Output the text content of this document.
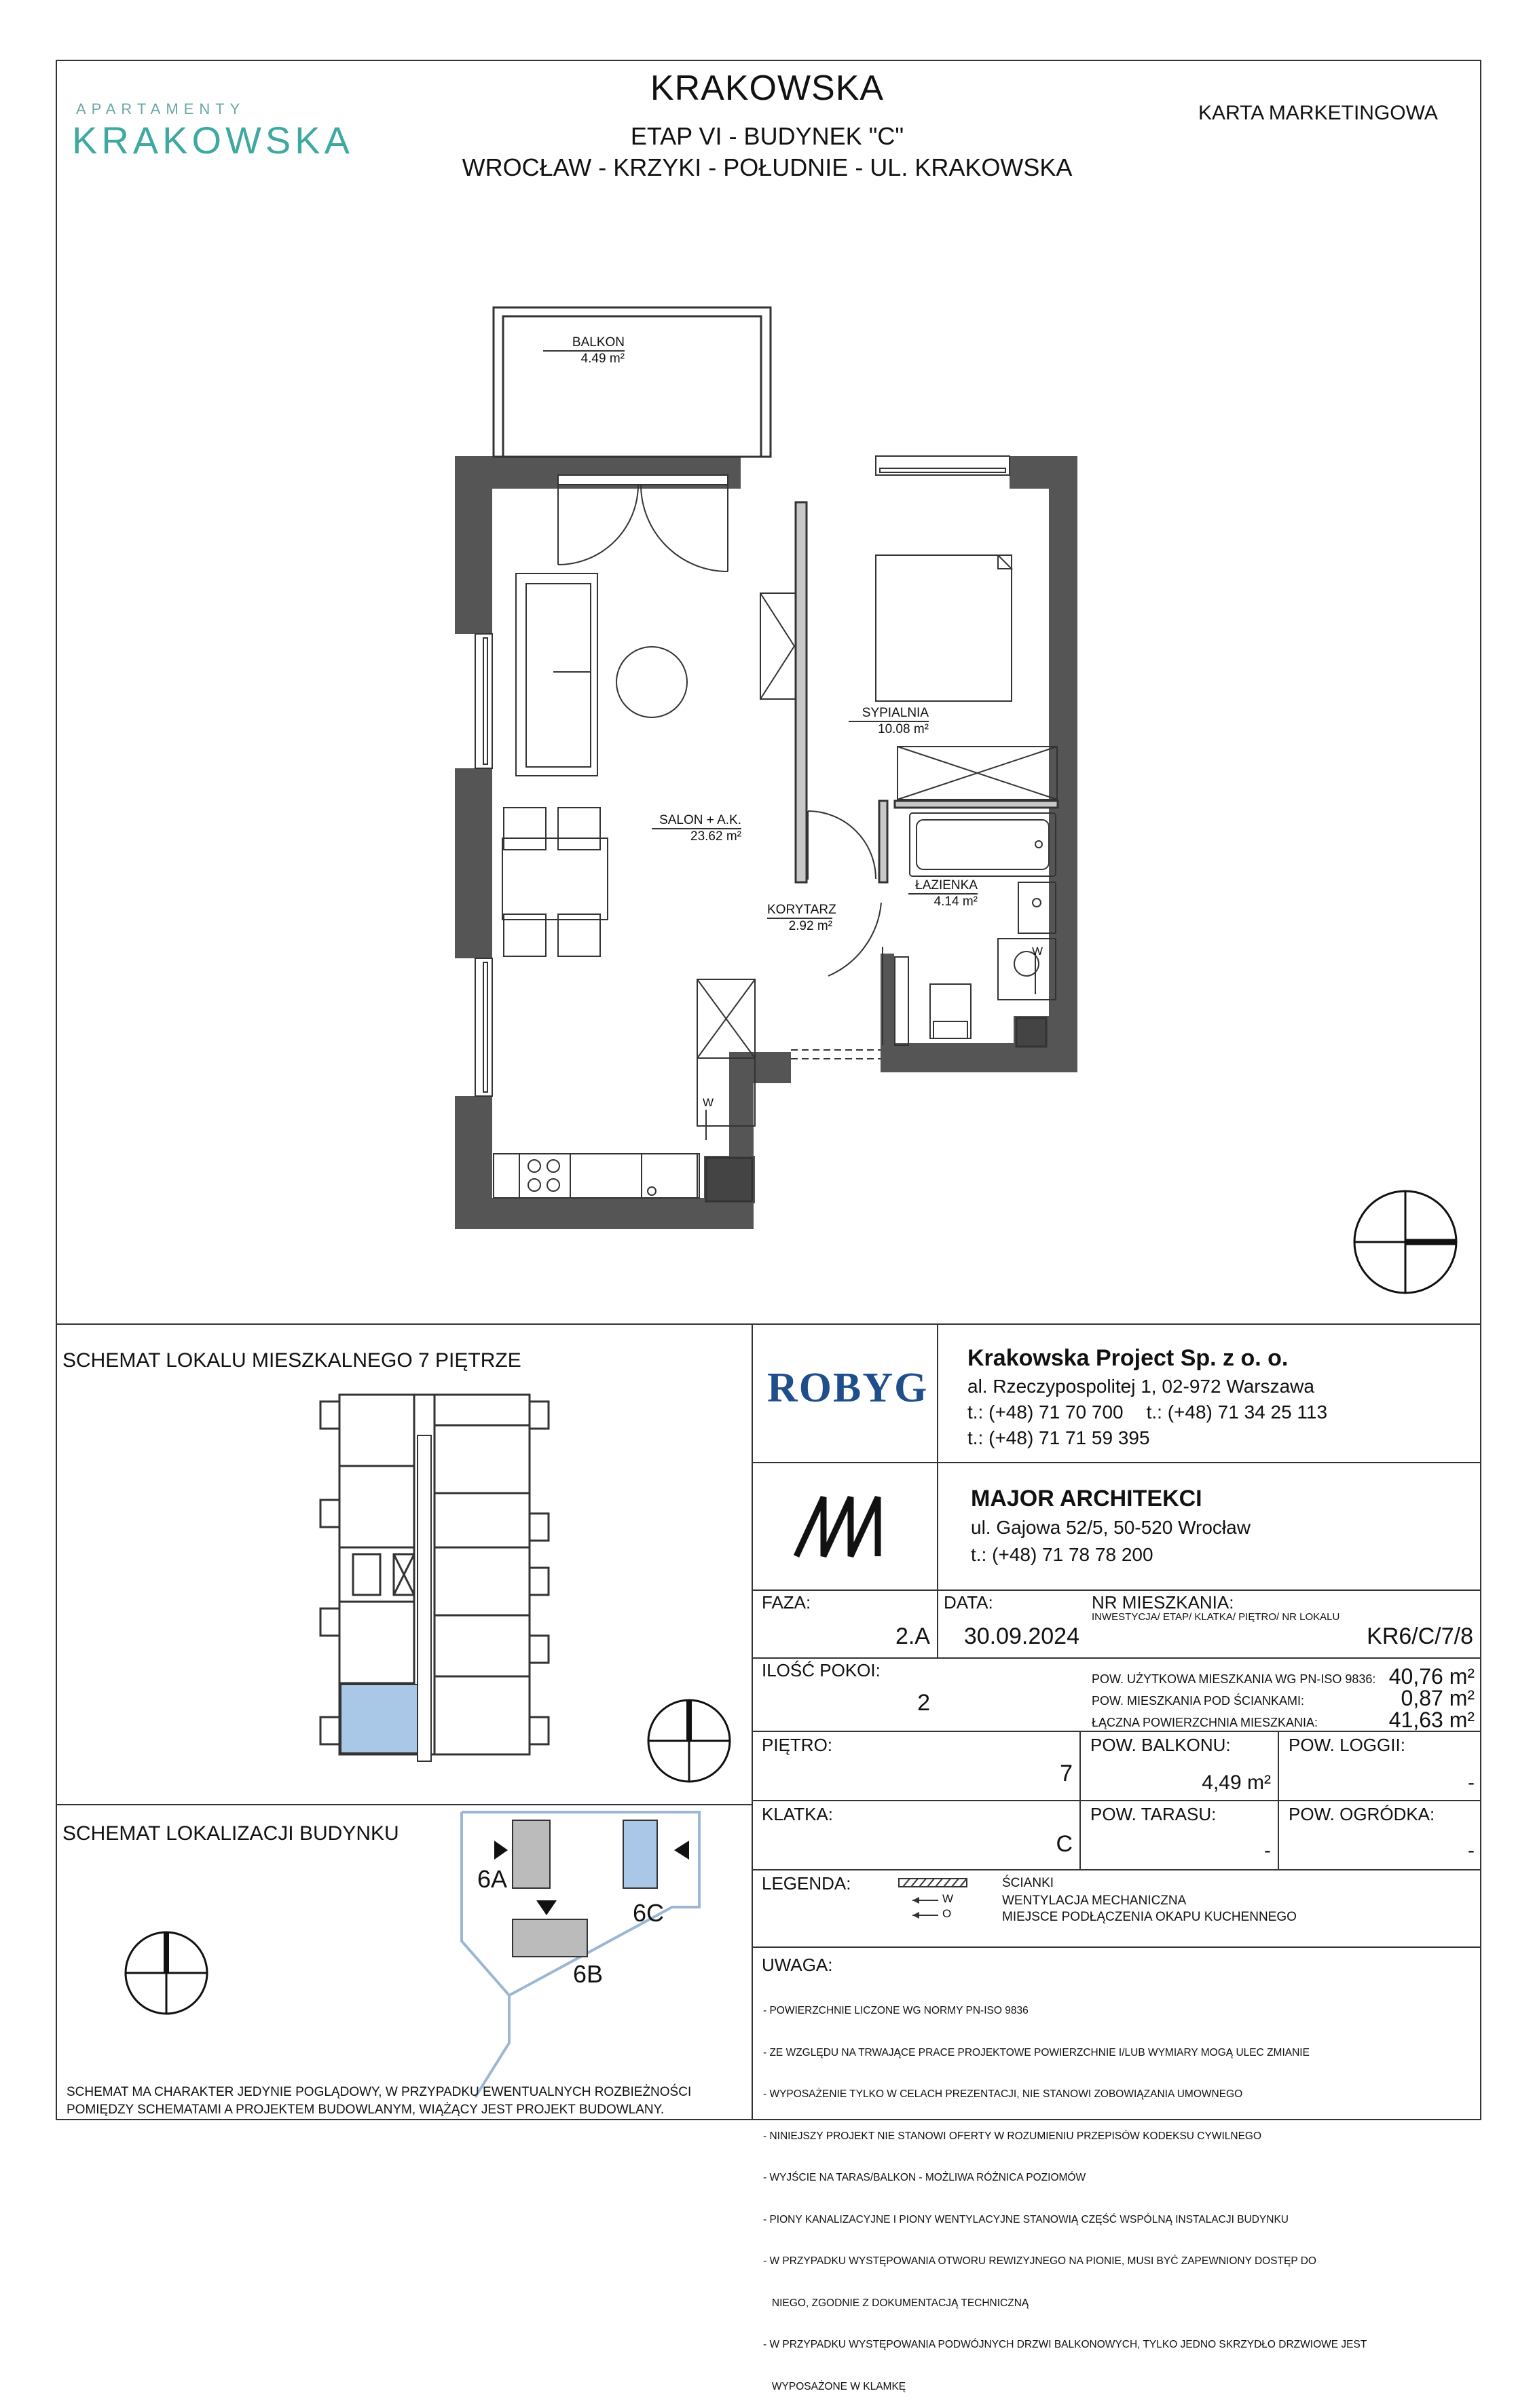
APARTAMENTY
KRAKOWSKA
KRAKOWSKA
ETAP VI - BUDYNEK "C"
WROCŁAW - KRZYKI - POŁUDNIE - UL. KRAKOWSKA
KARTA MARKETINGOWA
BALKON
4.49 m²
SYPIALNIA
10.08 m²
SALON + A.K.
23.62 m²
ŁAZIENKA
4.14 m²
KORYTARZ
2.92 m²
W
W
SCHEMAT LOKALU MIESZKALNEGO 7 PIĘTRZE
SCHEMAT LOKALIZACJI BUDYNKU
6A
6B
6C
SCHEMAT MA CHARAKTER JEDYNIE POGLĄDOWY, W PRZYPADKU EWENTUALNYCH ROZBIEŻNOŚCI
POMIĘDZY SCHEMATAMI A PROJEKTEM BUDOWLANYM, WIĄŻĄCY JEST PROJEKT BUDOWLANY.
ROBYG
Krakowska Project Sp. z o. o.
al. Rzeczypospolitej 1, 02-972 Warszawa
t.: (+48) 71 70 700 t.: (+48) 71 34 25 113
t.: (+48) 71 71 59 395
MAJOR ARCHITEKCI
ul. Gajowa 52/5, 50-520 Wrocław
t.: (+48) 71 78 78 200
FAZA:
2.A
DATA:
30.09.2024
NR MIESZKANIA:
INWESTYCJA/ ETAP/ KLATKA/ PIĘTRO/ NR LOKALU
KR6/C/7/8
ILOŚĆ POKOI:
2
POW. UŻYTKOWA MIESZKANIA WG PN-ISO 9836: 40,76 m²
POW. MIESZKANIA POD ŚCIANKAMI:	0,87 m²
ŁĄCZNA POWIERZCHNIA MIESZKANIA:	41,63 m²
PIĘTRO:
7
POW. BALKONU:
4,49 m²
POW. LOGGII:
-
KLATKA:
C
POW. TARASU:
-
POW. OGRÓDKA:
-
LEGENDA:
W
O
ŚCIANKI
WENTYLACJA MECHANICZNA
MIEJSCE PODŁĄCZENIA OKAPU KUCHENNEGO
UWAGA:

- POWIERZCHNIE LICZONE WG NORMY PN-ISO 9836

- ZE WZGLĘDU NA TRWAJĄCE PRACE PROJEKTOWE POWIERZCHNIE I/LUB WYMIARY MOGĄ ULEC ZMIANIE

- WYPOSAŻENIE TYLKO W CELACH PREZENTACJI, NIE STANOWI ZOBOWIĄZANIA UMOWNEGO

- NINIEJSZY PROJEKT NIE STANOWI OFERTY W ROZUMIENIU PRZEPISÓW KODEKSU CYWILNEGO

- WYJŚCIE NA TARAS/BALKON - MOŻLIWA RÓŻNICA POZIOMÓW

- PIONY KANALIZACYJNE I PIONY WENTYLACYJNE STANOWIĄ CZĘŚĆ WSPÓLNĄ INSTALACJI BUDYNKU

- W PRZYPADKU WYSTĘPOWANIA OTWORU REWIZYJNEGO NA PIONIE, MUSI BYĆ ZAPEWNIONY DOSTĘP DO

NIEGO, ZGODNIE Z DOKUMENTACJĄ TECHNICZNĄ

- W PRZYPADKU WYSTĘPOWANIA PODWÓJNYCH DRZWI BALKONOWYCH, TYLKO JEDNO SKRZYDŁO DRZWIOWE JEST

WYPOSAŻONE W KLAMKĘ
